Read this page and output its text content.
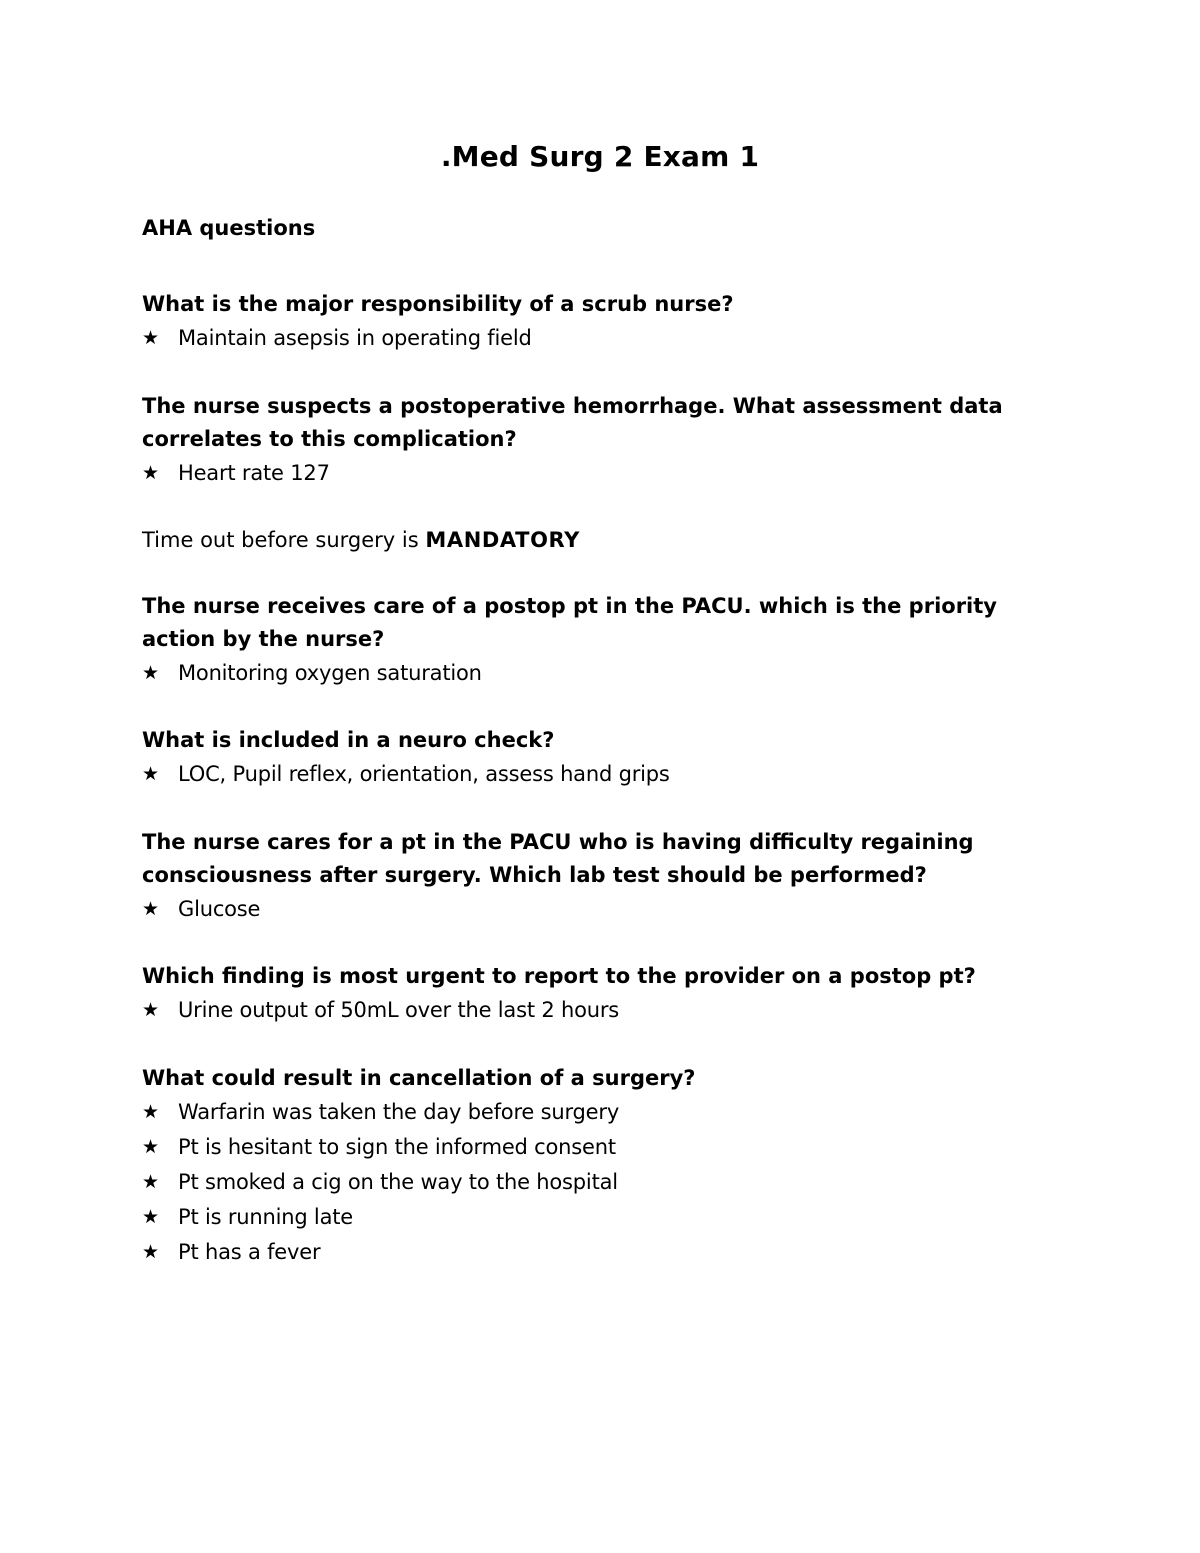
.Med Surg 2 Exam 1
AHA questions

What is the major responsibility of a scrub nurse?

★ Maintain asepsis in operating field

The nurse suspects a postoperative hemorrhage. What assessment data correlates to this complication?

★ Heart rate 127
Time out before surgery is MANDATORY

The nurse receives care of a postop pt in the PACU. which is the priority action by the nurse?

★ Monitoring oxygen saturation

What is included in a neuro check?

★ LOC, Pupil reflex, orientation, assess hand grips

The nurse cares for a pt in the PACU who is having difficulty regaining consciousness after surgery. Which lab test should be performed?

★ Glucose

Which finding is most urgent to report to the provider on a postop pt?

★ Urine output of 50mL over the last 2 hours

What could result in cancellation of a surgery?

★ Warfarin was taken the day before surgery
★ Pt is hesitant to sign the informed consent
★ Pt smoked a cig on the way to the hospital
★ Pt is running late
★ Pt has a fever
